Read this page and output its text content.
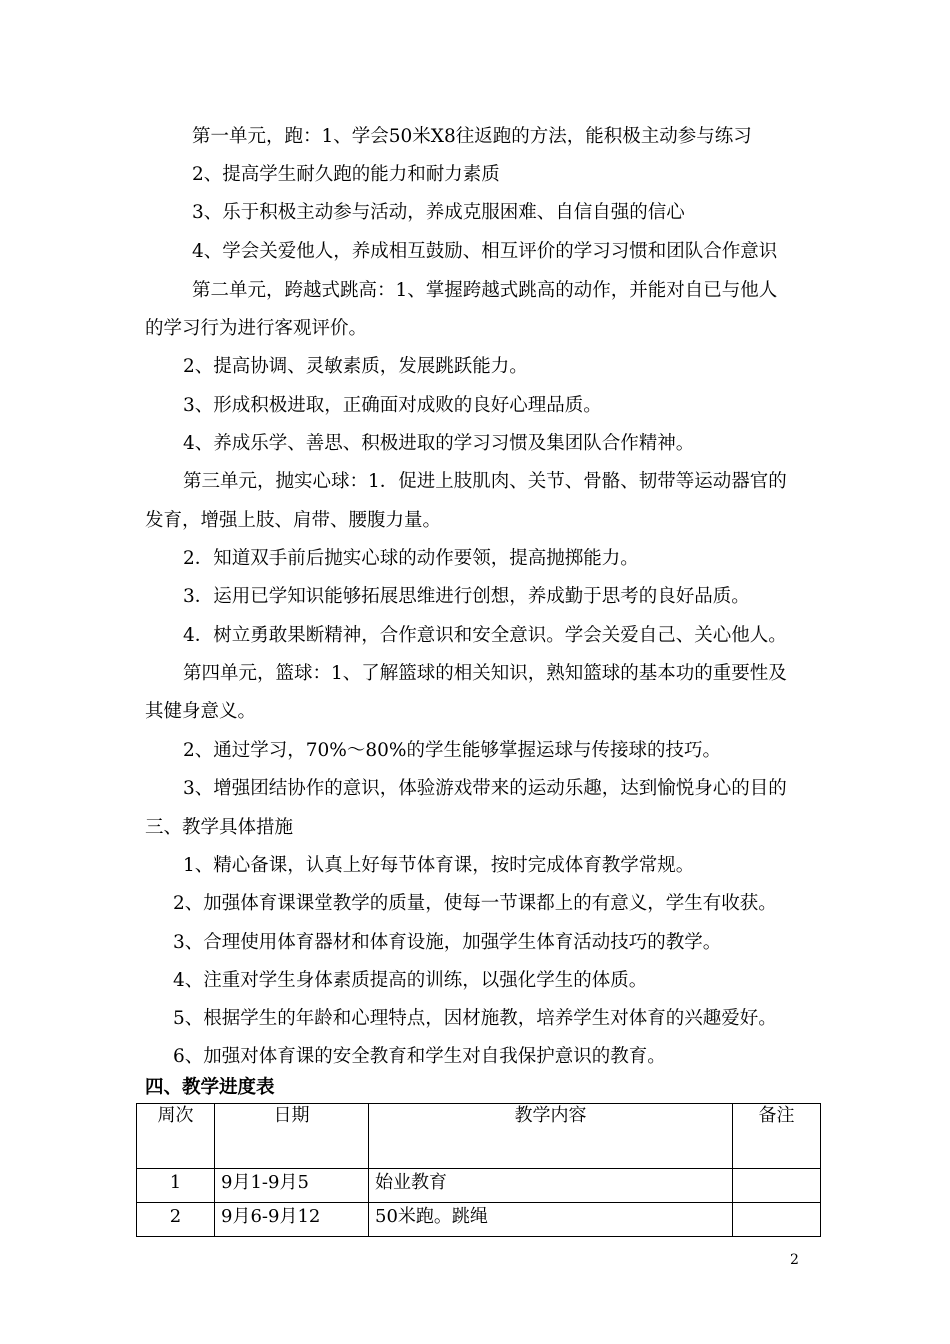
第一单元，跑：1、学会50米X8往返跑的方法，能积极主动参与练习

2、提高学生耐久跑的能力和耐力素质

3、乐于积极主动参与活动，养成克服困难、自信自强的信心

4、学会关爱他人，养成相互鼓励、相互评价的学习习惯和团队合作意识

第二单元，跨越式跳高：1、掌握跨越式跳高的动作，并能对自已与他人

的学习行为进行客观评价。

2、提高协调、灵敏素质，发展跳跃能力。

3、形成积极进取，正确面对成败的良好心理品质。

4、养成乐学、善思、积极进取的学习习惯及集团队合作精神。

第三单元，抛实心球：1．促进上肢肌肉、关节、骨骼、韧带等运动器官的

发育，增强上肢、肩带、腰腹力量。

2．知道双手前后抛实心球的动作要领，提高抛掷能力。

3．运用已学知识能够拓展思维进行创想，养成勤于思考的良好品质。

4．树立勇敢果断精神，合作意识和安全意识。学会关爱自己、关心他人。

第四单元，篮球：1、了解篮球的相关知识，熟知篮球的基本功的重要性及

其健身意义。

2、通过学习，70%～80%的学生能够掌握运球与传接球的技巧。

3、增强团结协作的意识，体验游戏带来的运动乐趣，达到愉悦身心的目的

三、教学具体措施

1、精心备课，认真上好每节体育课，按时完成体育教学常规。

2、加强体育课课堂教学的质量，使每一节课都上的有意义，学生有收获。

3、合理使用体育器材和体育设施，加强学生体育活动技巧的教学。

4、注重对学生身体素质提高的训练，以强化学生的体质。

5、根据学生的年龄和心理特点，因材施教，培养学生对体育的兴趣爱好。

6、加强对体育课的安全教育和学生对自我保护意识的教育。

四、教学进度表
周次	日期	教学内容	备注
1	9月1-9月5	始业教育	
2	9月6-9月12	50米跑。跳绳	
2
